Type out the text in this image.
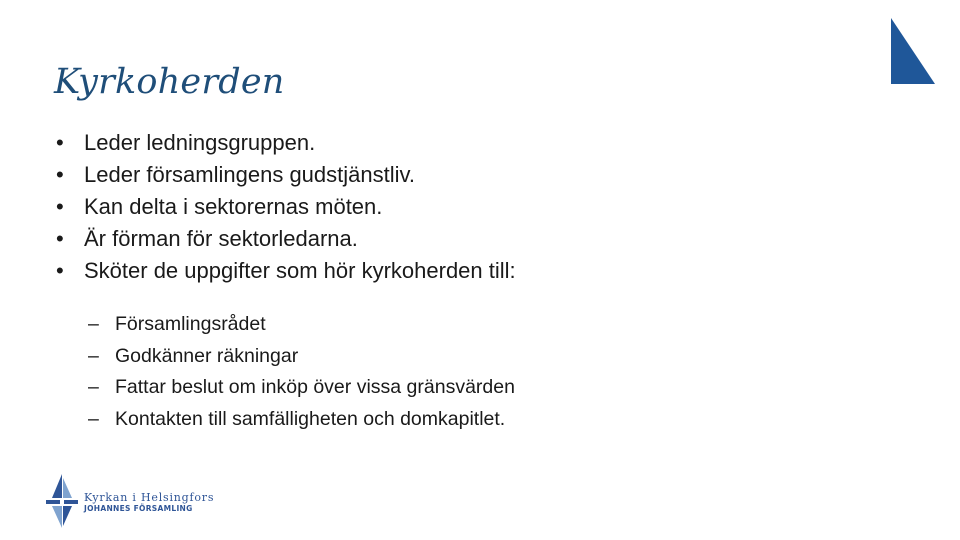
Kyrkoherden
• Leder ledningsgruppen.
• Leder församlingens gudstjänstliv.
• Kan delta i sektorernas möten.
• Är förman för sektorledarna.
• Sköter de uppgifter som hör kyrkoherden till:
– Församlingsrådet
– Godkänner räkningar
– Fattar beslut om inköp över vissa gränsvärden
– Kontakten till samfälligheten och domkapitlet.
Kyrkan i Helsingfors
JOHANNES FÖRSAMLING
